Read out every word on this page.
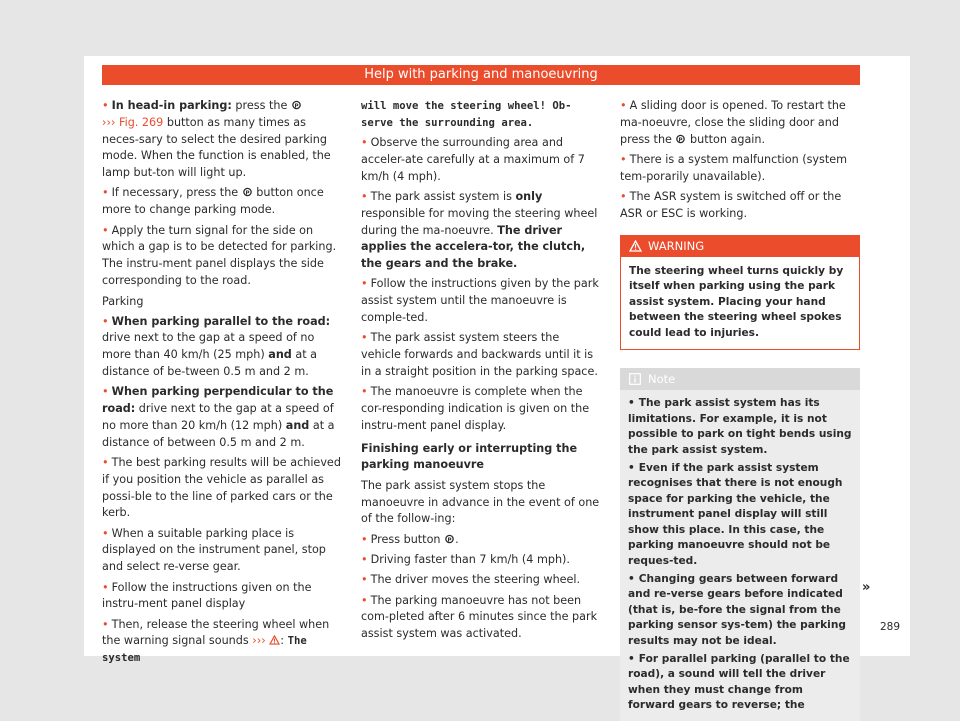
Help with parking and manoeuvring

• In head-in parking: press the P

››› Fig. 269 button as many times as neces-sary to select the desired parking mode. When the function is enabled, the lamp but-ton will light up.

• If necessary, press the P button once more to change parking mode.

• Apply the turn signal for the side on which a gap is to be detected for parking. The instru-ment panel displays the side corresponding to the road.

Parking

• When parking parallel to the road: drive next to the gap at a speed of no more than 40 km/h (25 mph) and at a distance of be-tween 0.5 m and 2 m.

• When parking perpendicular to the road: drive next to the gap at a speed of no more than 20 km/h (12 mph) and at a distance of between 0.5 m and 2 m.

• The best parking results will be achieved if you position the vehicle as parallel as possi-ble to the line of parked cars or the kerb.

• When a suitable parking place is displayed on the instrument panel, stop and select re-verse gear.

• Follow the instructions given on the instru-ment panel display

• Then, release the steering wheel when the warning signal sounds ››› : The system

will move the steering wheel! Ob-serve the surrounding area.

• Observe the surrounding area and acceler-ate carefully at a maximum of 7 km/h (4 mph).

• The park assist system is only responsible for moving the steering wheel during the ma-noeuvre. The driver applies the accelera-tor, the clutch, the gears and the brake.

• Follow the instructions given by the park assist system until the manoeuvre is comple-ted.

• The park assist system steers the vehicle forwards and backwards until it is in a straight position in the parking space.

• The manoeuvre is complete when the cor-responding indication is given on the instru-ment panel display.

Finishing early or interrupting the parking manoeuvre

The park assist system stops the manoeuvre in advance in the event of one of the follow-ing:

• Press button P .

• Driving faster than 7 km/h (4 mph).

• The driver moves the steering wheel.

• The parking manoeuvre has not been com-pleted after 6 minutes since the park assist system was activated.

• A sliding door is opened. To restart the ma-noeuvre, close the sliding door and press the P button again.

• There is a system malfunction (system tem-porarily unavailable).

• The ASR system is switched off or the ASR or ESC is working.

WARNING
The steering wheel turns quickly by itself when parking using the park assist system. Placing your hand between the steering wheel spokes could lead to injuries.
Note

• The park assist system has its limitations. For example, it is not possible to park on tight bends using the park assist system.

• Even if the park assist system recognises that there is not enough space for parking the vehicle, the instrument panel display will still show this place. In this case, the parking manoeuvre should not be reques-ted.

• Changing gears between forward and re-verse gears before indicated (that is, be-fore the signal from the parking sensor sys-tem) the parking results may not be ideal.

• For parallel parking (parallel to the road), a sound will tell the driver when they must change from forward gears to reverse; the

»
289
